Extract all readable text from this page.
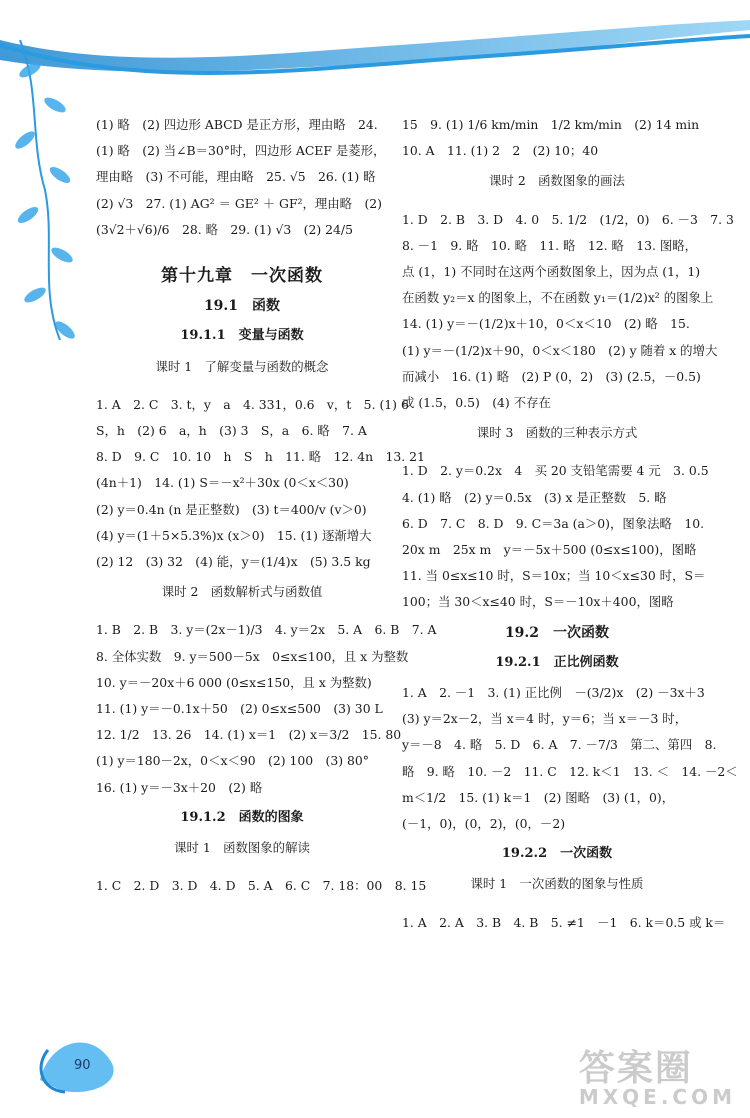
(1) 略　(2) 四边形 ABCD 是正方形，理由略　24.
(1) 略　(2) 当∠B＝30°时，四边形 ACEF 是菱形，
理由略　(3) 不可能，理由略　25. √5　26. (1) 略
(2) √3　27. (1) AG² ＝ GE² ＋ GF²，理由略　(2)
(3√2＋√6)/6　28. 略　29. (1) √3　(2) 24/5
第十九章　一次函数
19.1　函数
19.1.1　变量与函数
课时 1　了解变量与函数的概念
1. A　2. C　3. t，y　a　4. 331，0.6　v，t　5. (1) 6
S，h　(2) 6　a，h　(3) 3　S，a　6. 略　7. A
8. D　9. C　10. 10　h　S　h　11. 略　12. 4n　13. 21
(4n＋1)　14. (1) S＝－x²＋30x (0＜x＜30)
(2) y＝0.4n (n 是正整数)　(3) t＝400/v (v＞0)
(4) y＝(1＋5×5.3%)x (x＞0)　15. (1) 逐渐增大
(2) 12　(3) 32　(4) 能，y＝(1/4)x　(5) 3.5 kg
课时 2　函数解析式与函数值
1. B　2. B　3. y＝(2x－1)/3　4. y＝2x　5. A　6. B　7. A
8. 全体实数　9. y＝500－5x　0≤x≤100，且 x 为整数
10. y＝－20x＋6 000 (0≤x≤150，且 x 为整数)
11. (1) y＝－0.1x＋50　(2) 0≤x≤500　(3) 30 L
12. 1/2　13. 26　14. (1) x＝1　(2) x＝3/2　15. 80
(1) y＝180－2x，0＜x＜90　(2) 100　(3) 80°
16. (1) y＝－3x＋20　(2) 略
19.1.2　函数的图象
课时 1　函数图象的解读
1. C　2. D　3. D　4. D　5. A　6. C　7. 18：00　8. 15
15　9. (1) 1/6 km/min　1/2 km/min　(2) 14 min
10. A　11. (1) 2　2　(2) 10；40
课时 2　函数图象的画法
1. D　2. B　3. D　4. 0　5. 1/2　(1/2，0)　6. －3　7. 3
8. －1　9. 略　10. 略　11. 略　12. 略　13. 图略，
点 (1，1) 不同时在这两个函数图象上，因为点 (1，1)
在函数 y₂＝x 的图象上，不在函数 y₁＝(1/2)x² 的图象上
14. (1) y＝－(1/2)x＋10，0＜x＜10　(2) 略　15.
(1) y＝－(1/2)x＋90，0＜x＜180　(2) y 随着 x 的增大
而减小　16. (1) 略　(2) P (0，2)　(3) (2.5，－0.5)
或 (1.5，0.5)　(4) 不存在
课时 3　函数的三种表示方式
1. D　2. y＝0.2x　4　买 20 支铅笔需要 4 元　3. 0.5
4. (1) 略　(2) y＝0.5x　(3) x 是正整数　5. 略
6. D　7. C　8. D　9. C＝3a (a＞0)，图象法略　10.
20x m　25x m　y＝－5x＋500 (0≤x≤100)，图略
11. 当 0≤x≤10 时，S＝10x；当 10＜x≤30 时，S＝
100；当 30＜x≤40 时，S＝－10x＋400，图略
19.2　一次函数
19.2.1　正比例函数
1. A　2. －1　3. (1) 正比例　－(3/2)x　(2) －3x＋3
(3) y＝2x－2，当 x＝4 时，y＝6；当 x＝－3 时，
y＝－8　4. 略　5. D　6. A　7. －7/3　第二、第四　8.
略　9. 略　10. －2　11. C　12. k＜1　13. ＜　14. －2＜
m＜1/2　15. (1) k＝1　(2) 图略　(3) (1，0)，
(－1，0)，(0，2)，(0，－2)
19.2.2　一次函数
课时 1　一次函数的图象与性质
1. A　2. A　3. B　4. B　5. ≠1　－1　6. k＝0.5 或 k＝
90	答案圈
MXQE.COM
